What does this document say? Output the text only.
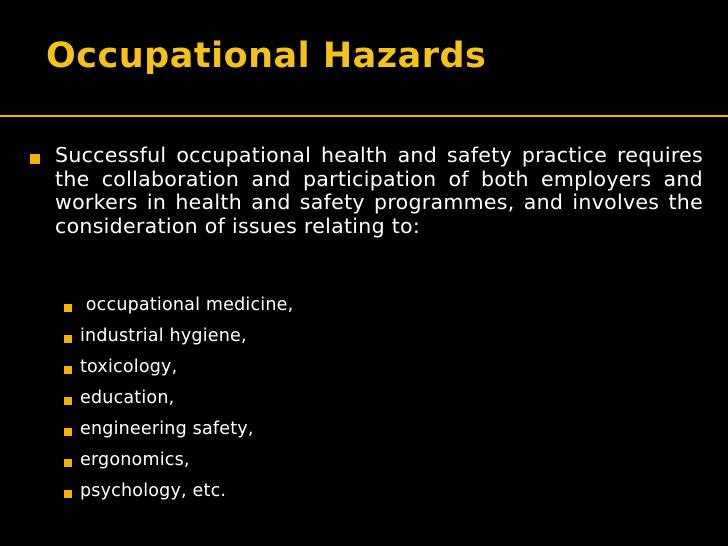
Occupational Hazards
Successful occupational health and safety practice requires the collaboration and participation of both employers and workers in health and safety programmes, and involves the consideration of issues relating to:
occupational medicine,
industrial hygiene,
toxicology,
education,
engineering safety,
ergonomics,
psychology, etc.
